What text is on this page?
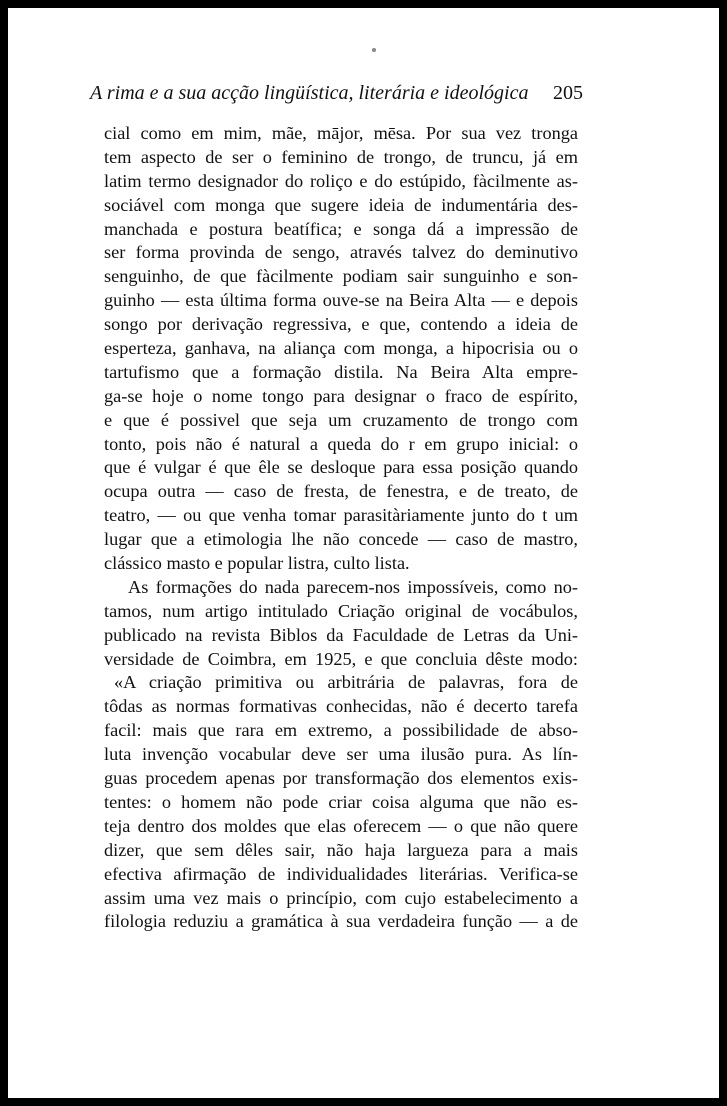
A rima e a sua acção lingüística, literária e ideológica	205
cial como em mim, mãe, mājor, mēsa. Por sua vez tronga
tem aspecto de ser o feminino de trongo, de truncu, já em
latim termo designador do roliço e do estúpido, fàcilmente as-
sociável com monga que sugere ideia de indumentária des-
manchada e postura beatífica; e songa dá a impressão de
ser forma provinda de sengo, através talvez do deminutivo
senguinho, de que fàcilmente podiam sair sunguinho e son-
guinho — esta última forma ouve-se na Beira Alta — e depois
songo por derivação regressiva, e que, contendo a ideia de
esperteza, ganhava, na aliança com monga, a hipocrisia ou o
tartufismo que a formação distila. Na Beira Alta empre-
ga-se hoje o nome tongo para designar o fraco de espírito,
e que é possivel que seja um cruzamento de trongo com
tonto, pois não é natural a queda do r em grupo inicial: o
que é vulgar é que êle se desloque para essa posição quando
ocupa outra — caso de fresta, de fenestra, e de treato, de
teatro, — ou que venha tomar parasitàriamente junto do t um
lugar que a etimologia lhe não concede — caso de mastro,
clássico masto e popular listra, culto lista.
As formações do nada parecem-nos impossíveis, como no-
tamos, num artigo intitulado Criação original de vocábulos,
publicado na revista Biblos da Faculdade de Letras da Uni-
versidade de Coimbra, em 1925, e que concluia dêste modo:
«A criação primitiva ou arbitrária de palavras, fora de
tôdas as normas formativas conhecidas, não é decerto tarefa
facil: mais que rara em extremo, a possibilidade de abso-
luta invenção vocabular deve ser uma ilusão pura. As lín-
guas procedem apenas por transformação dos elementos exis-
tentes: o homem não pode criar coisa alguma que não es-
teja dentro dos moldes que elas oferecem — o que não quere
dizer, que sem dêles sair, não haja largueza para a mais
efectiva afirmação de individualidades literárias. Verifica-se
assim uma vez mais o princípio, com cujo estabelecimento a
filologia reduziu a gramática à sua verdadeira função — a de
